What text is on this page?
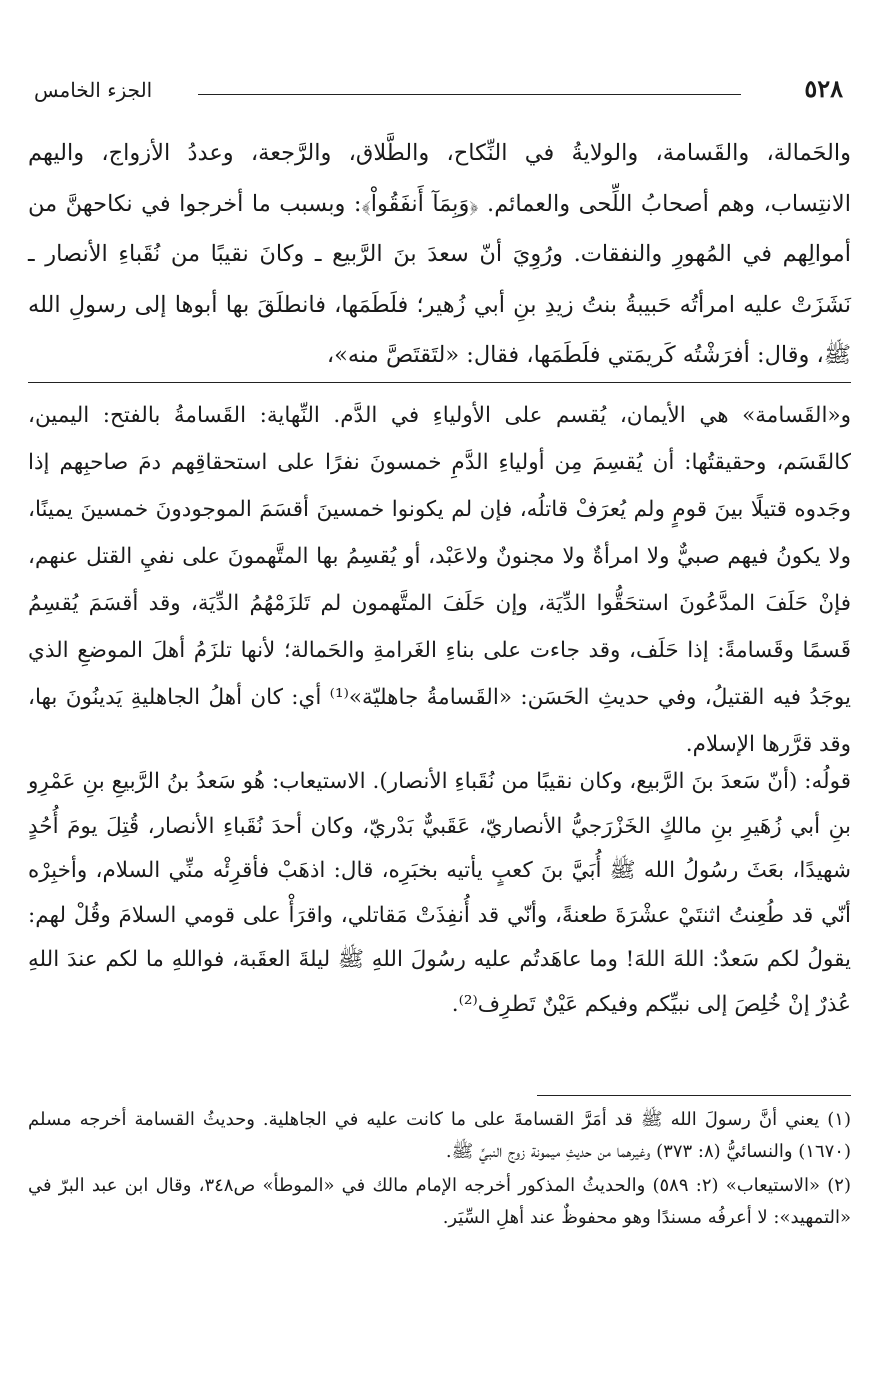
٥٢٨
الجزء الخامس

والحَمالة، والقَسامة، والولايةُ في النِّكاح، والطَّلاق، والرَّجعة، وعددُ الأزواج، واليهم الانتِساب، وهم أصحابُ اللِّحى والعمائم. ﴿وَبِمَآ أَنفَقُواْ﴾: وبسبب ما أخرجوا في نكاحهنَّ من أموالِهم في المُهورِ والنفقات. ورُوِيَ أنّ سعدَ بنَ الرَّبيع ـ وكانَ نقيبًا من نُقَباءِ الأنصار ـ نَشَزَتْ عليه امرأتُه حَبيبةُ بنتُ زيدِ بنِ أبي زُهير؛ فلَطَمَها، فانطلَقَ بها أبوها إلى رسولِ الله ﷺ، وقال: أفرَشْتُه كَريمَتي فلَطَمَها، فقال: «لتَقتَصَّ منه»،

و«القَسامة» هي الأيمان، يُقسم على الأولياءِ في الدَّم. النِّهاية: القَسامةُ بالفتح: اليمين، كالقَسَم، وحقيقتُها: أن يُقسِمَ مِن أولياءِ الدَّمِ خمسونَ نفرًا على استحقاقِهم دمَ صاحبِهم إذا وجَدوه قتيلًا بينَ قومٍ ولم يُعرَفْ قاتلُه، فإن لم يكونوا خمسينَ أقسَمَ الموجودونَ خمسينَ يمينًا، ولا يكونُ فيهم صبيٌّ ولا امرأةٌ ولا مجنونٌ ولاعَبْد، أو يُقسِمُ بها المتَّهمونَ على نفيِ القتل عنهم، فإنْ حَلَفَ المدَّعُونَ استحَقُّوا الدِّيَة، وإن حَلَفَ المتَّهمون لم تَلزَمْهُمُ الدِّيَة، وقد أقسَمَ يُقسِمُ قَسمًا وقَسامةً: إذا حَلَف، وقد جاءت على بناءِ الغَرامةِ والحَمالة؛ لأنها تلزَمُ أهلَ الموضعِ الذي يوجَدُ فيه القتيلُ، وفي حديثِ الحَسَن: «القَسامةُ جاهليّة»⁽¹⁾ أي: كان أهلُ الجاهليةِ يَدينُونَ بها، وقد قرَّرها الإسلام.

قولُه: (أنّ سَعدَ بنَ الرَّبيع، وكان نقيبًا من نُقَباءِ الأنصار). الاستيعاب: هُو سَعدُ بنُ الرَّبيعِ بنِ عَمْرِو بنِ أبي زُهَيرِ بنِ مالكٍ الخَزْرَجيُّ الأنصاريّ، عَقَبيٌّ بَدْريّ، وكان أحدَ نُقَباءِ الأنصار، قُتِلَ يومَ أُحُدٍ شهيدًا، بعَثَ رسُولُ الله ﷺ أُبَيَّ بنَ كعبٍ يأتيه بخبَرِه، قال: اذهَبْ فأقرِئْه منِّي السلام، وأخبِرْه أنّي قد طُعِنتُ اثنتَيْ عشْرَةَ طعنةً، وأنّي قد أُنفِذَتْ مَقاتلي، واقرَأْ على قومي السلامَ وقُلْ لهم: يقولُ لكم سَعدٌ: اللهَ اللهَ! وما عاهَدتُم عليه رسُولَ اللهِ ﷺ ليلةَ العقَبة، فواللهِ ما لكم عندَ اللهِ عُذرٌ إنْ خُلِصَ إلى نبيِّكم وفيكم عَيْنٌ تَطرِف⁽²⁾.

(١) يعني أنَّ رسولَ الله ﷺ قد أمَرَّ القسامةَ على ما كانت عليه في الجاهلية. وحديثُ القسامة أخرجه مسلم (١٦٧٠) والنسائيُّ (٨: ٣٧٣) وغيرهما من حديثِ ميمونة زوج النبيِّ ﷺ.

(٢) «الاستيعاب» (٢: ٥٨٩) والحديثُ المذكور أخرجه الإمام مالك في «الموطأ» ص٣٤٨، وقال ابن عبد البرّ في «التمهيد»: لا أعرفُه مسندًا وهو محفوظٌ عند أهلِ السِّيَر.
